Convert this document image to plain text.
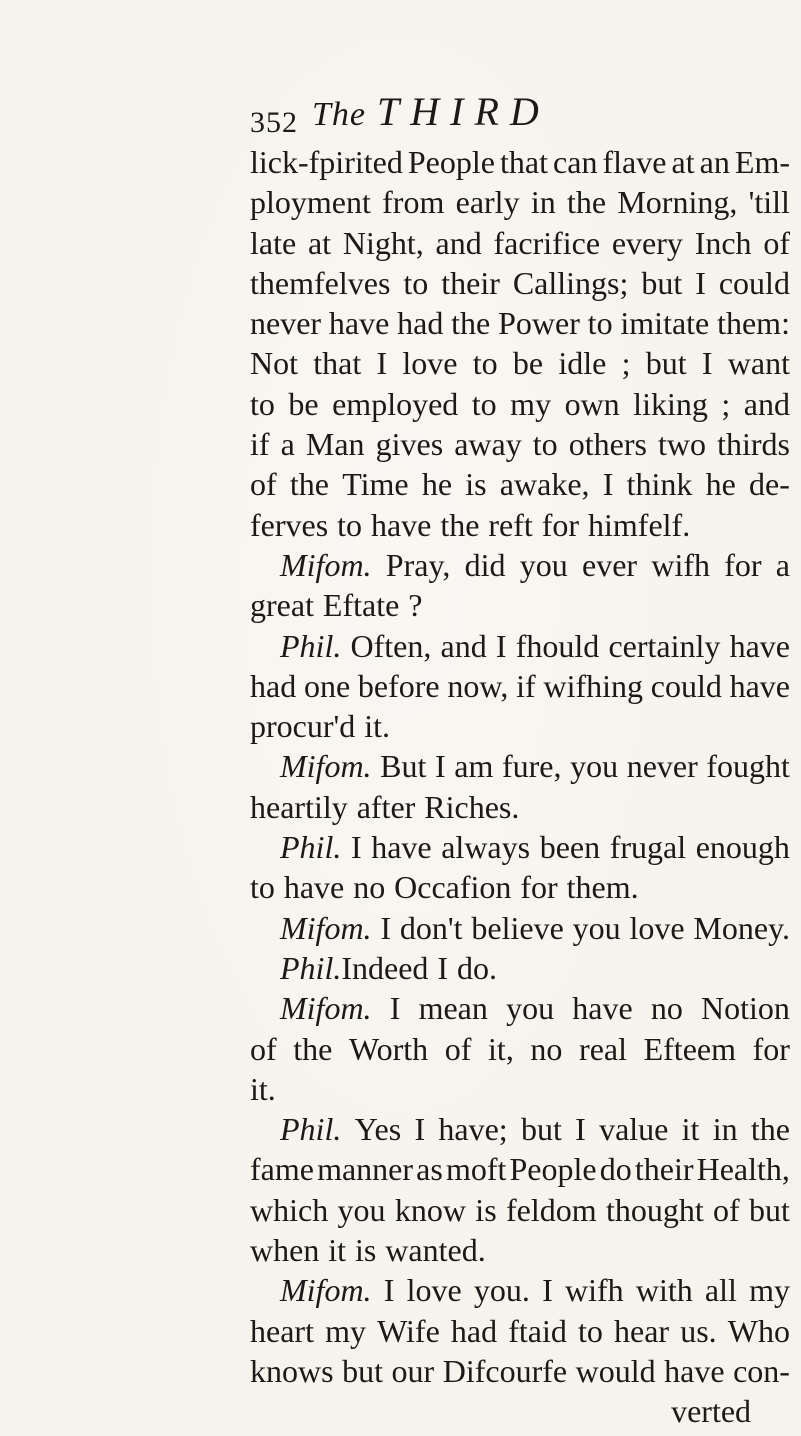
352 The THIRD
lick-fpirited People that can flave at an Em-
ployment from early in the Morning, 'till
late at Night, and facrifice every Inch of
themfelves to their Callings; but I could
never have had the Power to imitate them:
Not that I love to be idle ; but I want
to be employed to my own liking ; and
if a Man gives away to others two thirds
of the Time he is awake, I think he de-
ferves to have the reft for himfelf.
Mifom. Pray, did you ever wifh for a
great Eftate ?
Phil. Often, and I fhould certainly have
had one before now, if wifhing could have
procur'd it.
Mifom. But I am fure, you never fought
heartily after Riches.
Phil. I have always been frugal enough
to have no Occafion for them.
Mifom. I don't believe you love Money.
Phil. Indeed I do.
Mifom. I mean you have no Notion
of the Worth of it, no real Efteem for
it.
Phil. Yes I have; but I value it in the
fame manner as moft People do their Health,
which you know is feldom thought of but
when it is wanted.
Mifom. I love you. I wifh with all my
heart my Wife had ftaid to hear us. Who
knows but our Difcourfe would have con-
verted
